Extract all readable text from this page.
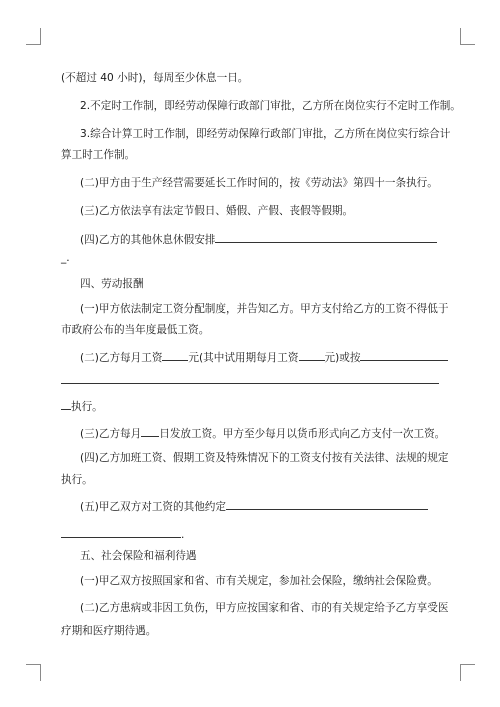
(不超过 40 小时)，每周至少休息一日。
2.不定时工作制，即经劳动保障行政部门审批，乙方所在岗位实行不定时工作制。
3.综合计算工时工作制，即经劳动保障行政部门审批，乙方所在岗位实行综合计
算工时工作制。
(二)甲方由于生产经营需要延长工作时间的，按《劳动法》第四十一条执行。
(三)乙方依法享有法定节假日、婚假、产假、丧假等假期。
(四)乙方的其他休息休假安排
_.
四、劳动报酬
(一)甲方依法制定工资分配制度，并告知乙方。甲方支付给乙方的工资不得低于
市政府公布的当年度最低工资。
(二)乙方每月工资 元(其中试用期每月工资 元)或按
执行。
(三)乙方每月 日发放工资。甲方至少每月以货币形式向乙方支付一次工资。
(四)乙方加班工资、假期工资及特殊情况下的工资支付按有关法律、法规的规定
执行。
(五)甲乙双方对工资的其他约定
.
五、社会保险和福利待遇
(一)甲乙双方按照国家和省、市有关规定，参加社会保险，缴纳社会保险费。
(二)乙方患病或非因工负伤，甲方应按国家和省、市的有关规定给予乙方享受医
疗期和医疗期待遇。
